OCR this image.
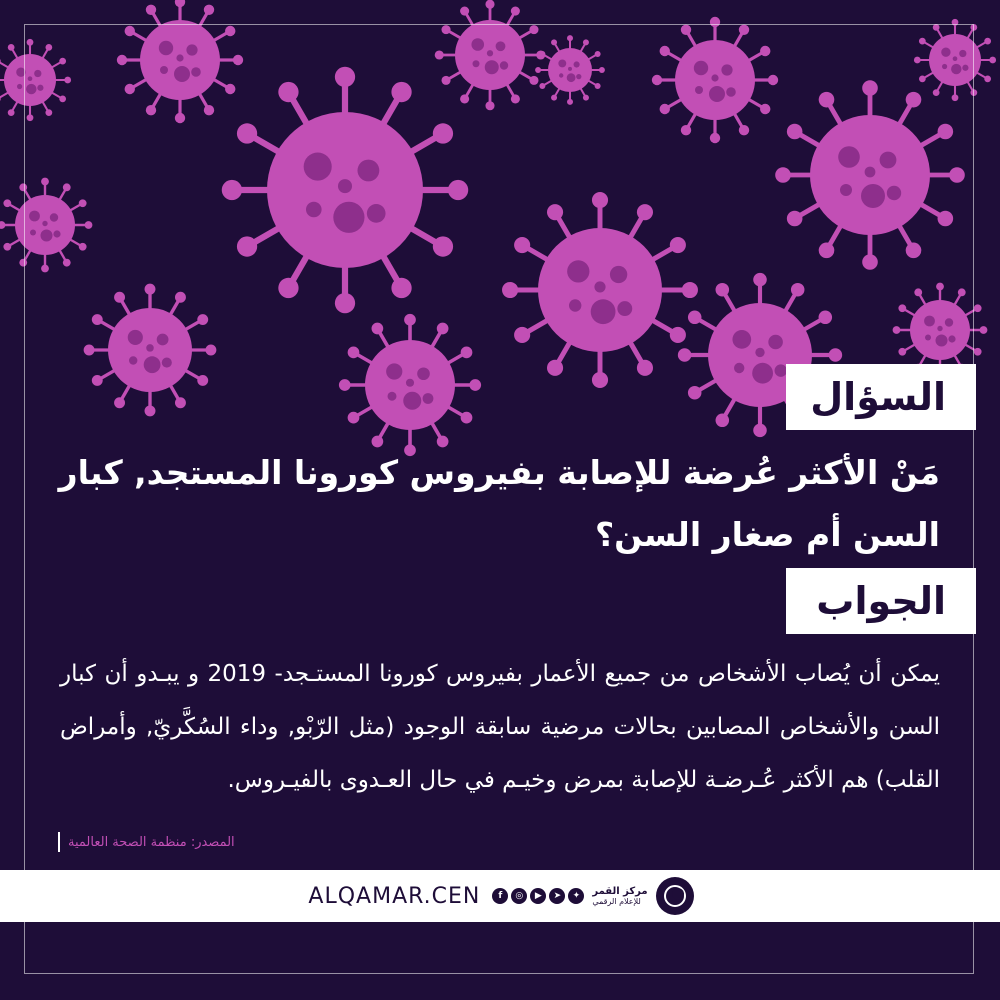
السؤال
مَنْ الأكثر عُرضة للإصابة بفيروس كورونا المستجد, كبار السن أم صغار السن؟
الجواب
يمكن أن يُصاب الأشخاص من جميع الأعمار بفيروس كورونا المستـجد- 2019 و يبـدو أن كبار السن والأشخاص المصابين بحالات مرضية سابقة الوجود (مثل الرّبْو, وداء السُكَّريّ, وأمراض القلب) هم الأكثر عُـرضـة للإصابة بمرض وخيـم في حال العـدوى بالفيـروس.
المصدر: منظمة الصحة العالمية
ALQAMAR.CEN	f	◎	▶	➤	✦	مركز القمر
للإعلام الرقمي
